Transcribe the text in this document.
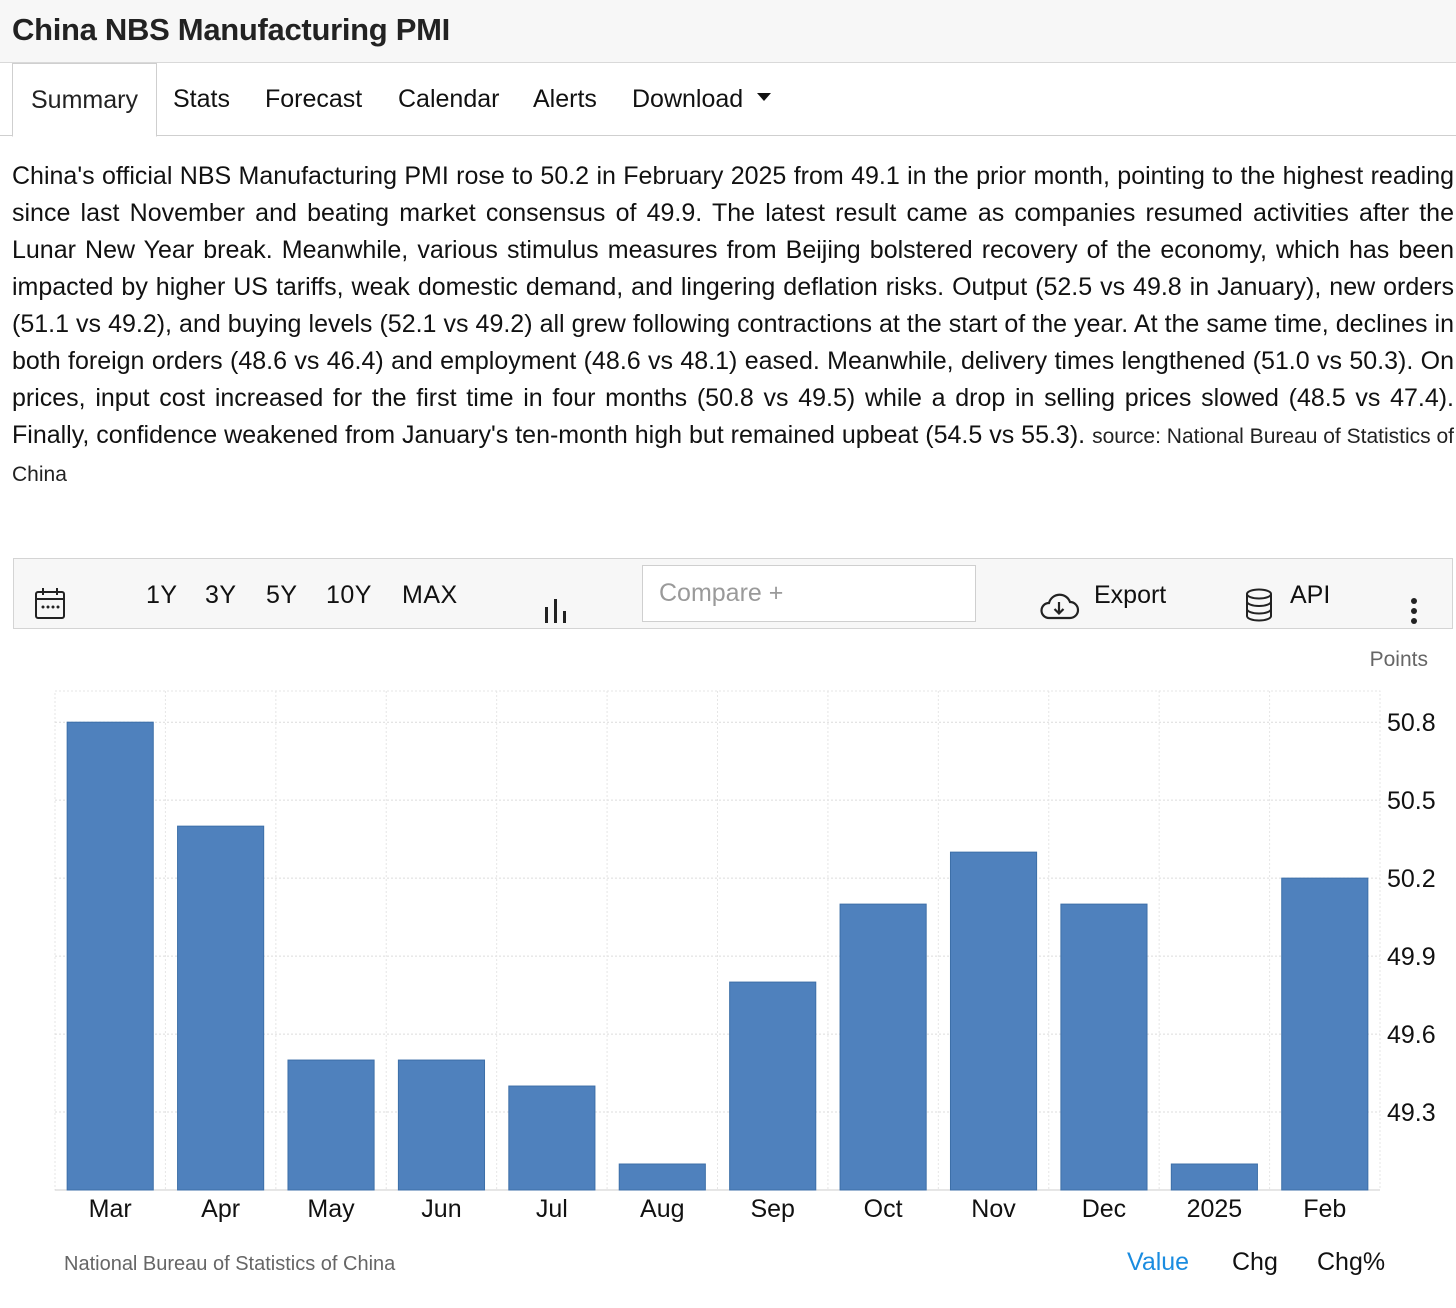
China NBS Manufacturing PMI
Summary	Stats Forecast Calendar Alerts Download
China's official NBS Manufacturing PMI rose to 50.2 in February 2025 from 49.1 in the prior month, pointing to the highest reading since last November and beating market consensus of 49.9. The latest result came as companies resumed activities after the Lunar New Year break. Meanwhile, various stimulus measures from Beijing bolstered recovery of the economy, which has been impacted by higher US tariffs, weak domestic demand, and lingering deflation risks. Output (52.5 vs 49.8 in January), new orders (51.1 vs 49.2), and buying levels (52.1 vs 49.2) all grew following contractions at the start of the year. At the same time, declines in both foreign orders (48.6 vs 46.4) and employment (48.6 vs 48.1) eased. Meanwhile, delivery times lengthened (51.0 vs 50.3). On prices, input cost increased for the first time in four months (50.8 vs 49.5) while a drop in selling prices slowed (48.5 vs 47.4). Finally, confidence weakened from January's ten-month high but remained upbeat (54.5 vs 55.3). source: National Bureau of Statistics of China
1Y 3Y 5Y 10Y MAX
Compare +	Export	API
Points
Mar	Apr	May	Jun	Jul	Aug	Sep	Oct	Nov	Dec 2025 Feb
49.3
49.6
49.9
50.2
50.5
50.8
National Bureau of Statistics of China	Value Chg Chg%
